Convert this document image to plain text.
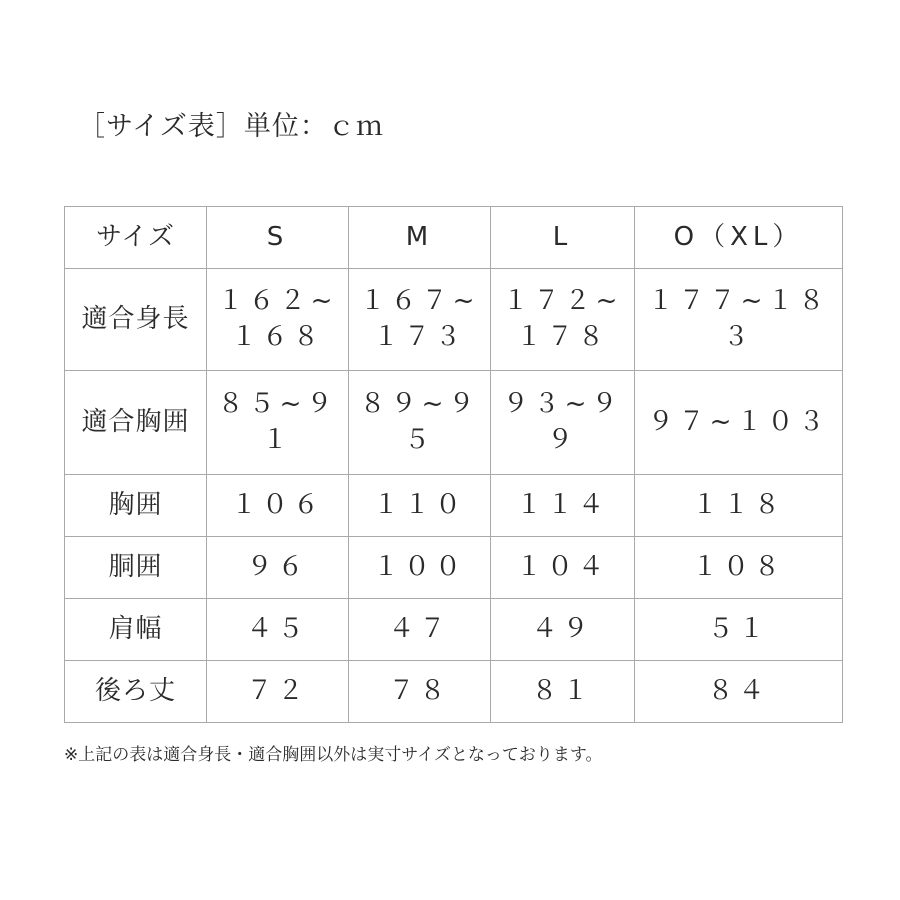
［サイズ表］単位：ｃｍ
サイズ	S	M	L	O（XL）
適合身長	１６２~１６８	１６７~１７３	１７２~１７８	１７７~１８３
適合胸囲	８５~９１	８９~９５	９３~９９	９７~１０３
胸囲	１０６	１１０	１１４	１１８
胴囲	９６	１００	１０４	１０８
肩幅	４５	４７	４９	５１
後ろ丈	７２	７８	８１	８４
※上記の表は適合身長・適合胸囲以外は実寸サイズとなっております。
